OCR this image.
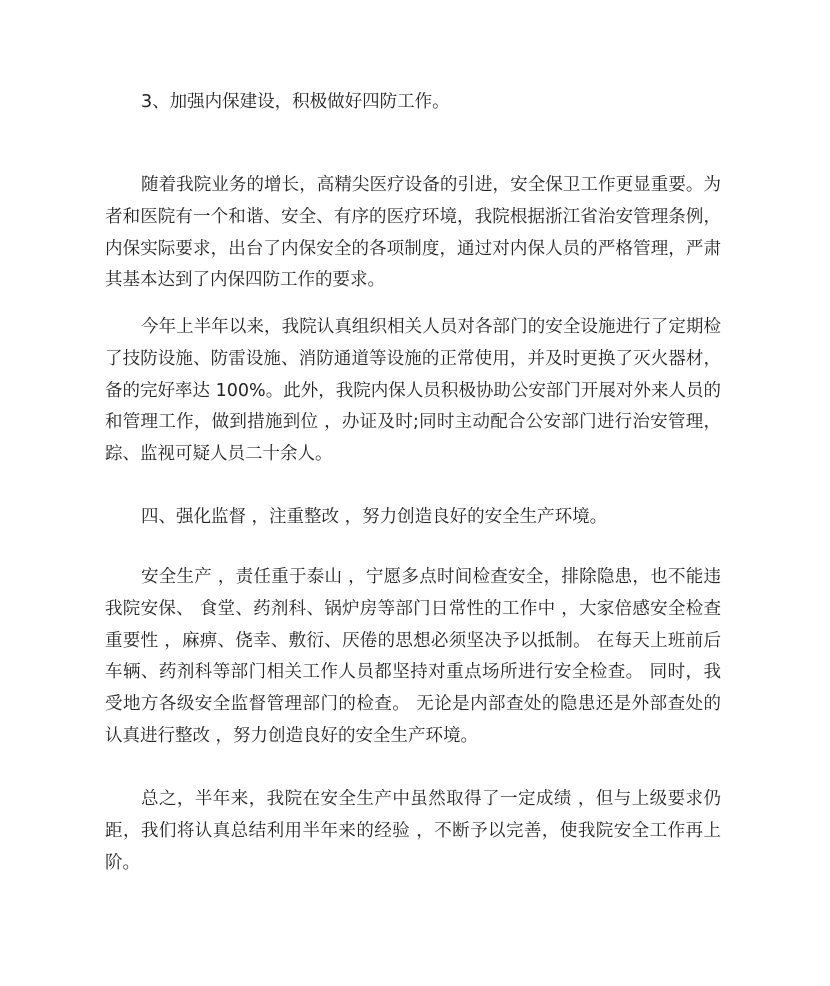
3、加强内保建设，积极做好四防工作。
随着我院业务的增长，高精尖医疗设备的引进，安全保卫工作更显重要。为
者和医院有一个和谐、安全、有序的医疗环境，我院根据浙江省治安管理条例，
内保实际要求，出台了内保安全的各项制度，通过对内保人员的严格管理，严肃
其基本达到了内保四防工作的要求。
今年上半年以来，我院认真组织相关人员对各部门的安全设施进行了定期检
了技防设施、防雷设施、消防通道等设施的正常使用，并及时更换了灭火器材，
备的完好率达 100%。此外，我院内保人员积极协助公安部门开展对外来人员的
和管理工作，做到措施到位 ，办证及时;同时主动配合公安部门进行治安管理，
踪、监视可疑人员二十余人。
四、强化监督 ，注重整改 ，努力创造良好的安全生产环境。
安全生产 ，责任重于泰山 ，宁愿多点时间检查安全，排除隐患，也不能违
我院安保、 食堂、药剂科、锅炉房等部门日常性的工作中 ，大家倍感安全检查
重要性 ，麻痹、侥幸、敷衍、厌倦的思想必须坚决予以抵制。 在每天上班前后
车辆、药剂科等部门相关工作人员都坚持对重点场所进行安全检查。 同时，我
受地方各级安全监督管理部门的检查。 无论是内部查处的隐患还是外部查处的
认真进行整改 ，努力创造良好的安全生产环境。
总之，半年来，我院在安全生产中虽然取得了一定成绩 ，但与上级要求仍
距，我们将认真总结利用半年来的经验 ，不断予以完善，使我院安全工作再上
阶。
